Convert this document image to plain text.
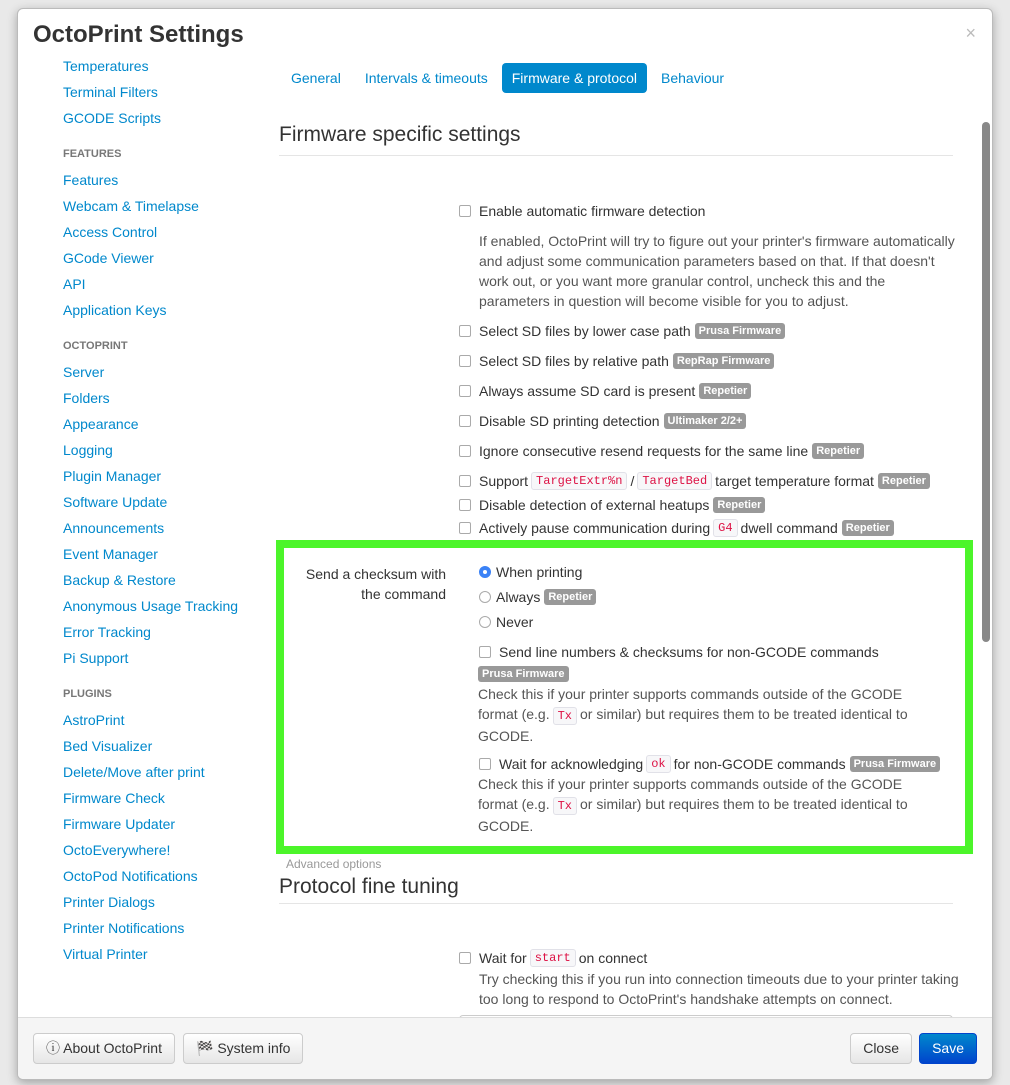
OctoPrint Settings	×
Temperatures
Terminal Filters
GCODE Scripts
FEATURES
Features
Webcam & Timelapse
Access Control
GCode Viewer
API
Application Keys
OCTOPRINT
Server
Folders
Appearance
Logging
Plugin Manager
Software Update
Announcements
Event Manager
Backup & Restore
Anonymous Usage Tracking
Error Tracking
Pi Support
PLUGINS
AstroPrint
Bed Visualizer
Delete/Move after print
Firmware Check
Firmware Updater
OctoEverywhere!
OctoPod Notifications
Printer Dialogs
Printer Notifications
Virtual Printer
General	Intervals & timeouts	Firmware & protocol	Behaviour
Firmware specific settings
Enable automatic firmware detection
If enabled, OctoPrint will try to figure out your printer's firmware automatically and adjust some communication parameters based on that. If that doesn't work out, or you want more granular control, uncheck this and the parameters in question will become visible for you to adjust.
Select SD files by lower case path Prusa Firmware
Select SD files by relative path RepRap Firmware
Always assume SD card is present Repetier
Disable SD printing detection Ultimaker 2/2+
Ignore consecutive resend requests for the same line Repetier
Support TargetExtr%n / TargetBed target temperature format Repetier
Disable detection of external heatups Repetier
Actively pause communication during G4 dwell command Repetier
Advanced options
Protocol fine tuning
Wait for start on connect
Try checking this if you run into connection timeouts due to your printer taking too long to respond to OctoPrint's handshake attempts on connect.
ⓘ About OctoPrint	🏁 System info	Close	Save
Send a checksum with the command
When printing
Always Repetier
Never
Send line numbers & checksums for non-GCODE commands
Prusa Firmware
Check this if your printer supports commands outside of the GCODE format (e.g. Tx or similar) but requires them to be treated identical to GCODE.
Wait for acknowledging ok for non-GCODE commands Prusa Firmware
Check this if your printer supports commands outside of the GCODE format (e.g. Tx or similar) but requires them to be treated identical to GCODE.
